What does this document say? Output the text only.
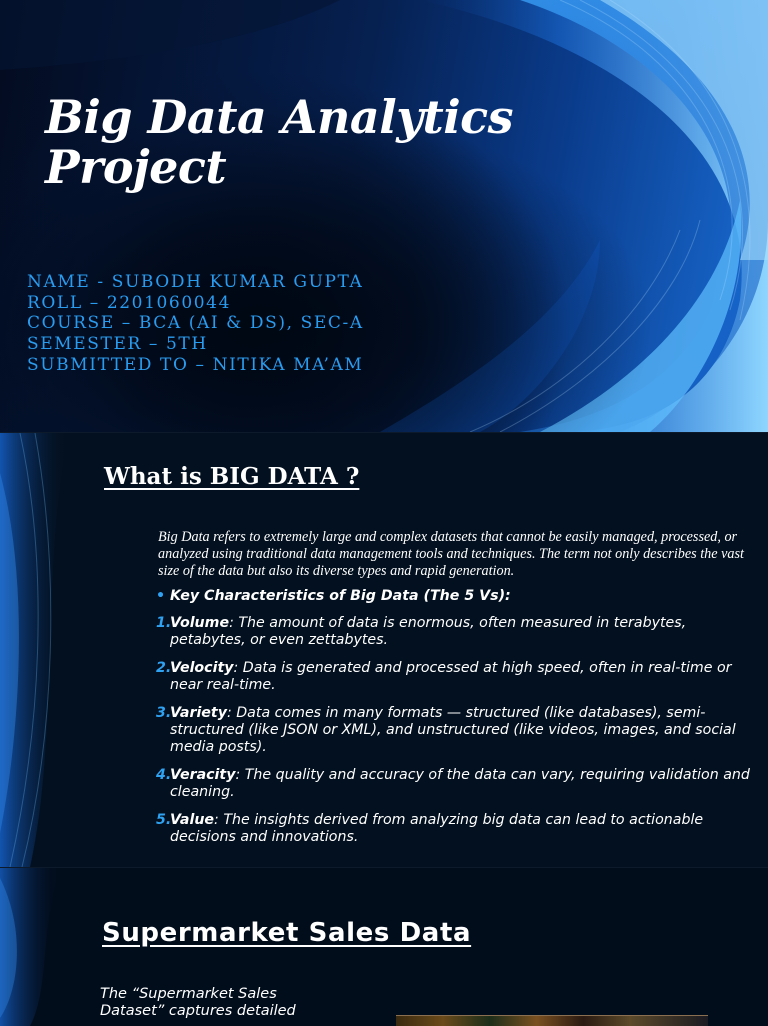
Big Data Analytics
Project
NAME - SUBODH KUMAR GUPTA
ROLL – 2201060044
COURSE – BCA (AI & DS), SEC-A
SEMESTER – 5TH
SUBMITTED TO – NITIKA MA’AM
What is BIG DATA ?

Big Data refers to extremely large and complex datasets that cannot be easily managed, processed, or analyzed using traditional data management tools and techniques. The term not only describes the vast size of the data but also its diverse types and rapid generation.

• Key Characteristics of Big Data (The 5 Vs):
1.
Volume: The amount of data is enormous, often measured in terabytes, petabytes, or even zettabytes.
2.
Velocity: Data is generated and processed at high speed, often in real-time or near real-time.
3.
Variety: Data comes in many formats — structured (like databases), semi-structured (like JSON or XML), and unstructured (like videos, images, and social media posts).
4.
Veracity: The quality and accuracy of the data can vary, requiring validation and cleaning.
5.
Value: The insights derived from analyzing big data can lead to actionable decisions and innovations.
Supermarket Sales Data

The “Supermarket Sales Dataset” captures detailed
